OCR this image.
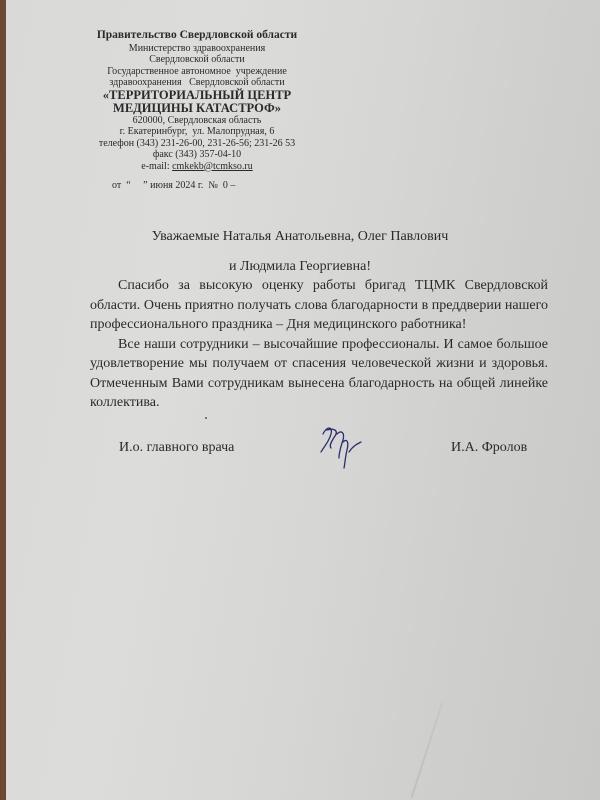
Правительство Свердловской области
Министерство здравоохранения
Свердловской области
Государственное автономное  учреждение
здравоохранения   Свердловской области
«ТЕРРИТОРИАЛЬНЫЙ ЦЕНТР
МЕДИЦИНЫ КАТАСТРОФ»
620000, Свердловская область
г. Екатеринбург,  ул. Малопрудная, 6
телефон (343) 231-26-00, 231-26-56; 231-26 53
факс (343) 357-04-10
e-mail: cmkekb@tcmkso.ru
от  “     ” июня 2024 г.  №  0 –
Уважаемые Наталья Анатольевна, Олег Павлович
и Людмила Георгиевна!

Спасибо за высокую оценку работы бригад ТЦМК Свердловской области. Очень приятно получать слова благодарности в преддверии нашего профессионального праздника – Дня медицинского работника!

Все наши сотрудники – высочайшие профессионалы. И самое большое удовлетворение мы получаем от спасения человеческой жизни и здоровья. Отмеченным Вами сотрудникам вынесена благодарность на общей линейке коллектива.

И.о. главного врача	И.А. Фролов
